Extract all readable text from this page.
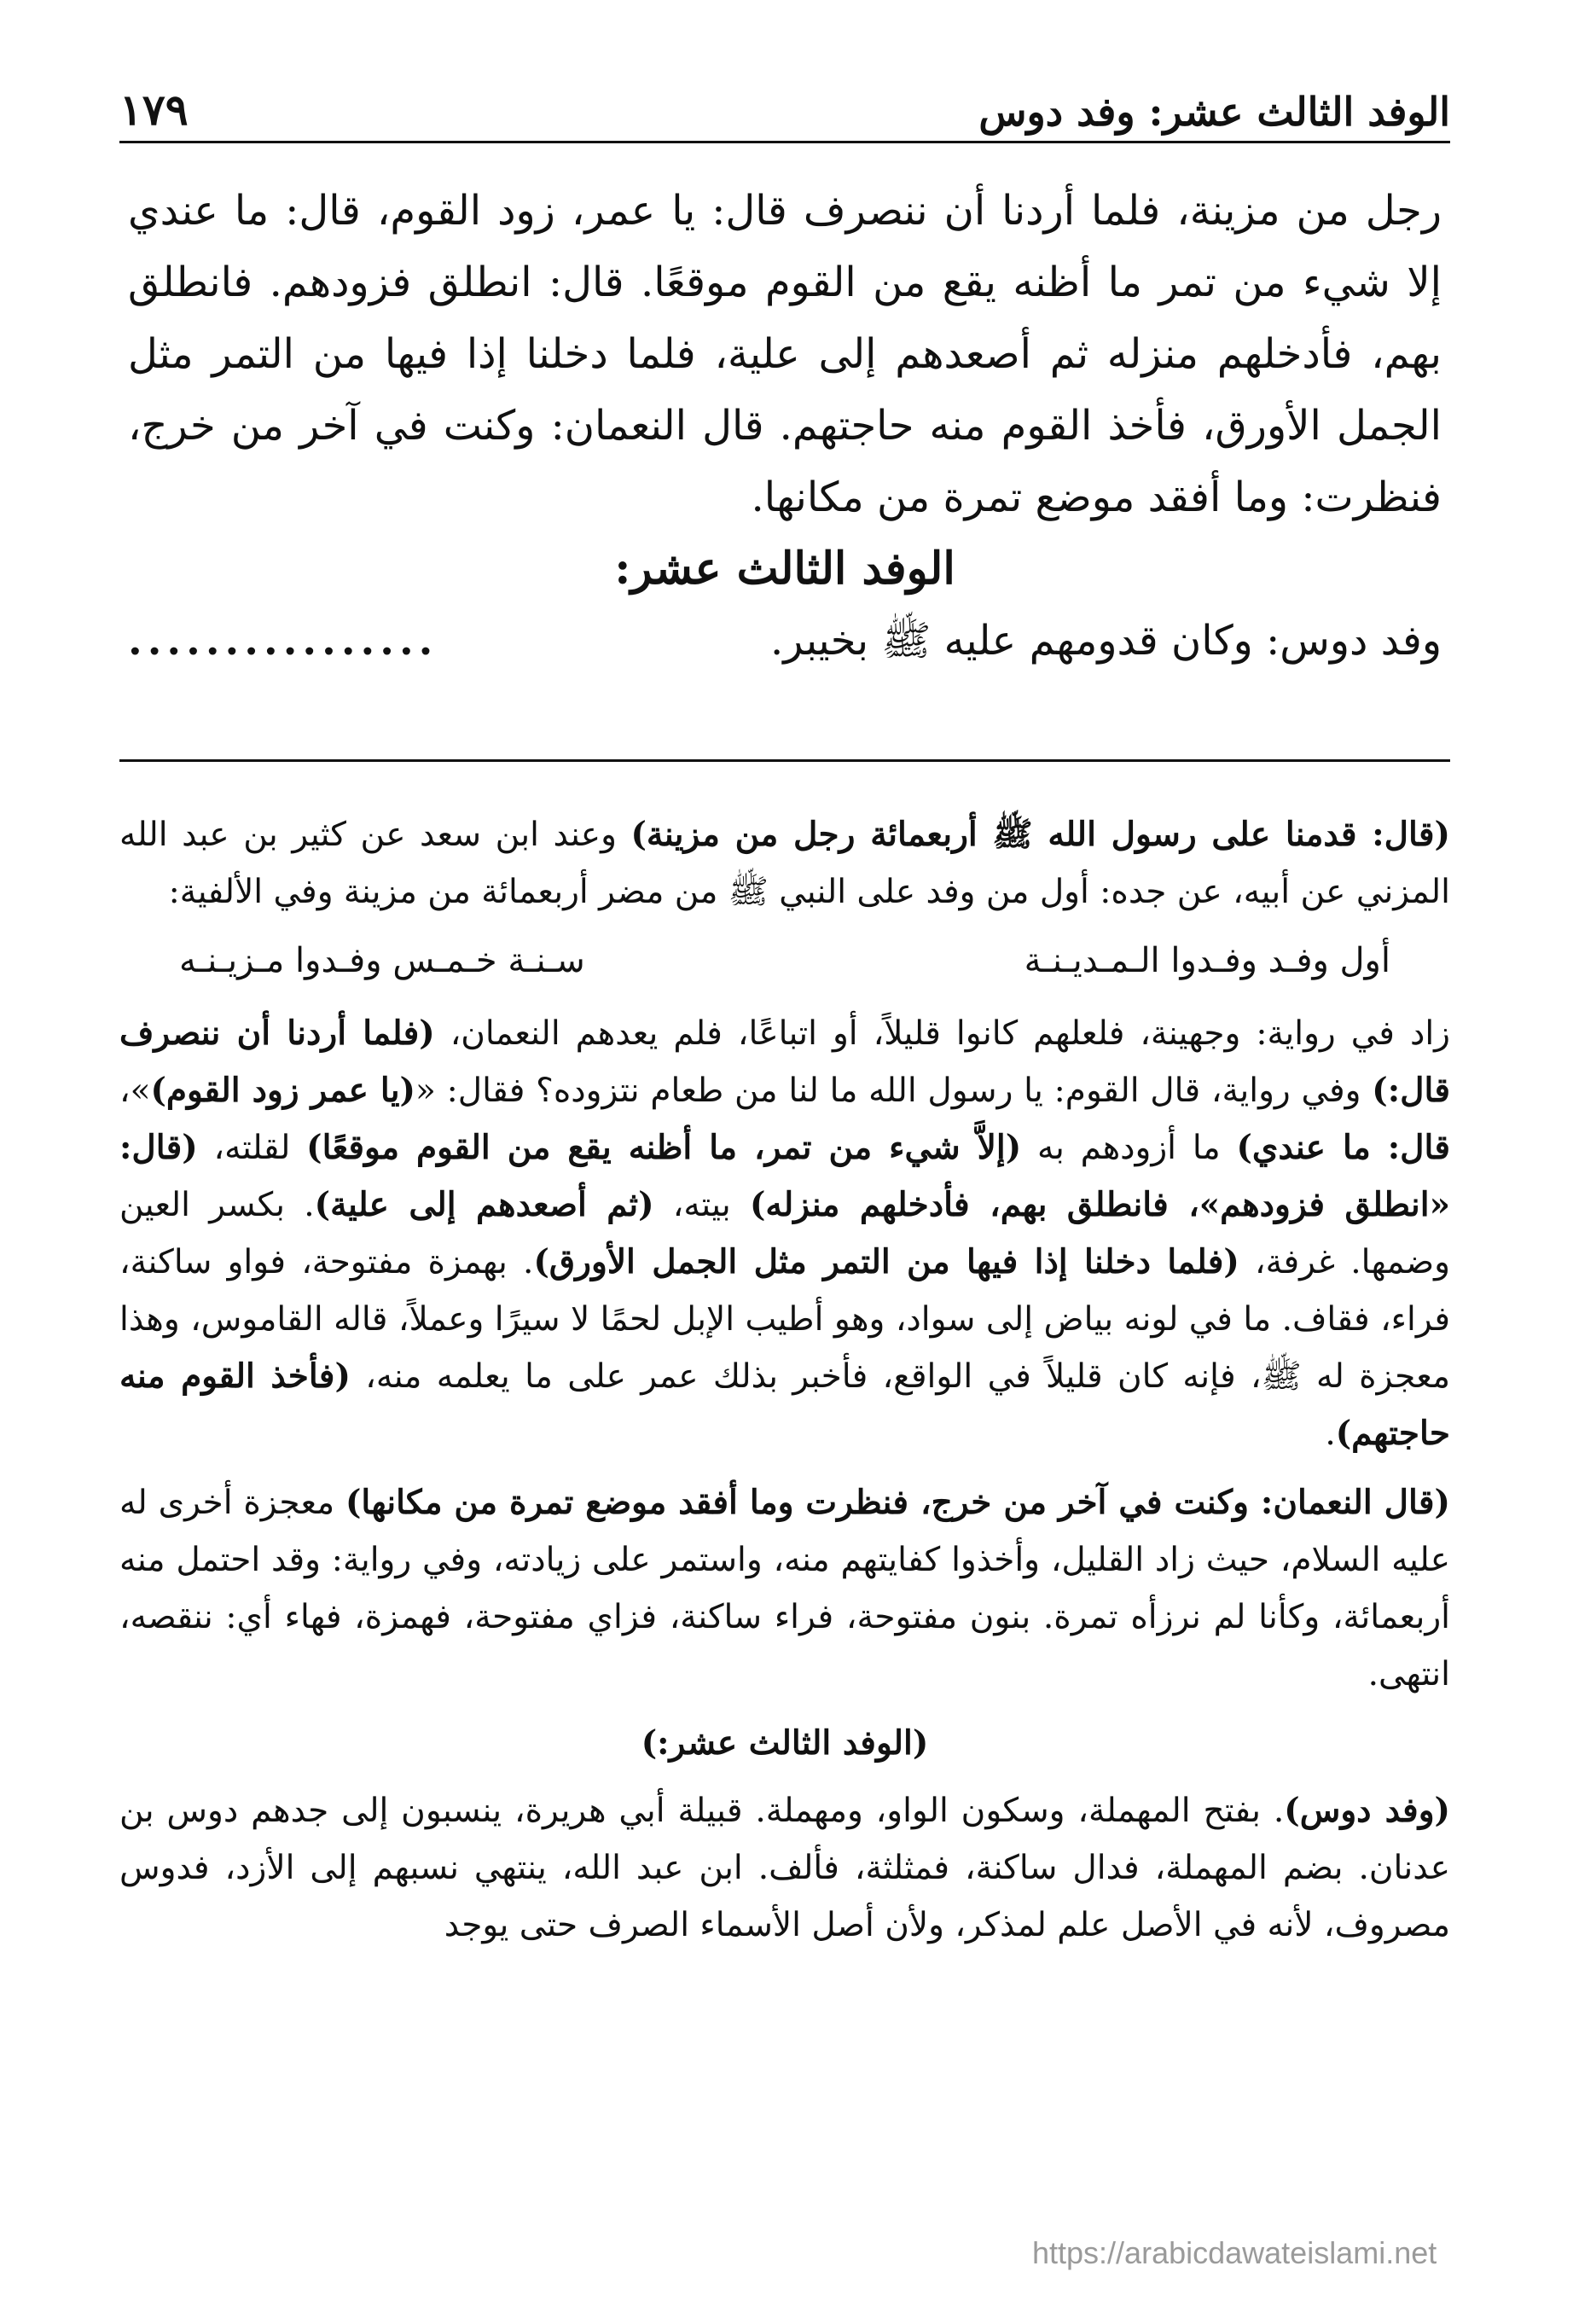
الوفد الثالث عشر: وفد دوس
١٧٩

رجل من مزينة، فلما أردنا أن ننصرف قال: يا عمر، زود القوم، قال: ما عندي إلا شيء من تمر ما أظنه يقع من القوم موقعًا. قال: انطلق فزودهم. فانطلق بهم، فأدخلهم منزله ثم أصعدهم إلى علية، فلما دخلنا إذا فيها من التمر مثل الجمل الأورق، فأخذ القوم منه حاجتهم. قال النعمان: وكنت في آخر من خرج، فنظرت: وما أفقد موضع تمرة من مكانها.

الوفد الثالث عشر:

وفد دوس: وكان قدومهم عليه ﷺ بخيبر.
................

(قال: قدمنا على رسول الله ﷺ أربعمائة رجل من مزينة) وعند ابن سعد عن كثير بن عبد الله المزني عن أبيه، عن جده: أول من وفد على النبي ﷺ من مضر أربعمائة من مزينة وفي الألفية:

أول وفـد وفـدوا الـمـديـنـة
سـنـة خـمـس وفـدوا مـزيـنـه

زاد في رواية: وجهينة، فلعلهم كانوا قليلاً، أو اتباعًا، فلم يعدهم النعمان، (فلما أردنا أن ننصرف قال:) وفي رواية، قال القوم: يا رسول الله ما لنا من طعام نتزوده؟ فقال: «(يا عمر زود القوم)»، قال: ما عندي) ما أزودهم به (إلاَّ شيء من تمر، ما أظنه يقع من القوم موقعًا) لقلته، (قال: «انطلق فزودهم»، فانطلق بهم، فأدخلهم منزله) بيته، (ثم أصعدهم إلى علية). بكسر العين وضمها. غرفة، (فلما دخلنا إذا فيها من التمر مثل الجمل الأورق). بهمزة مفتوحة، فواو ساكنة، فراء، فقاف. ما في لونه بياض إلى سواد، وهو أطيب الإبل لحمًا لا سيرًا وعملاً، قاله القاموس، وهذا معجزة له ﷺ، فإنه كان قليلاً في الواقع، فأخبر بذلك عمر على ما يعلمه منه، (فأخذ القوم منه حاجتهم).

(قال النعمان: وكنت في آخر من خرج، فنظرت وما أفقد موضع تمرة من مكانها) معجزة أخرى له عليه السلام، حيث زاد القليل، وأخذوا كفايتهم منه، واستمر على زيادته، وفي رواية: وقد احتمل منه أربعمائة، وكأنا لم نرزأه تمرة. بنون مفتوحة، فراء ساكنة، فزاي مفتوحة، فهمزة، فهاء أي: ننقصه، انتهى.

(الوفد الثالث عشر:)

(وفد دوس). بفتح المهملة، وسكون الواو، ومهملة. قبيلة أبي هريرة، ينسبون إلى جدهم دوس بن عدنان. بضم المهملة، فدال ساكنة، فمثلثة، فألف. ابن عبد الله، ينتهي نسبهم إلى الأزد، فدوس مصروف، لأنه في الأصل علم لمذكر، ولأن أصل الأسماء الصرف حتى يوجد

https://arabicdawateislami.net
